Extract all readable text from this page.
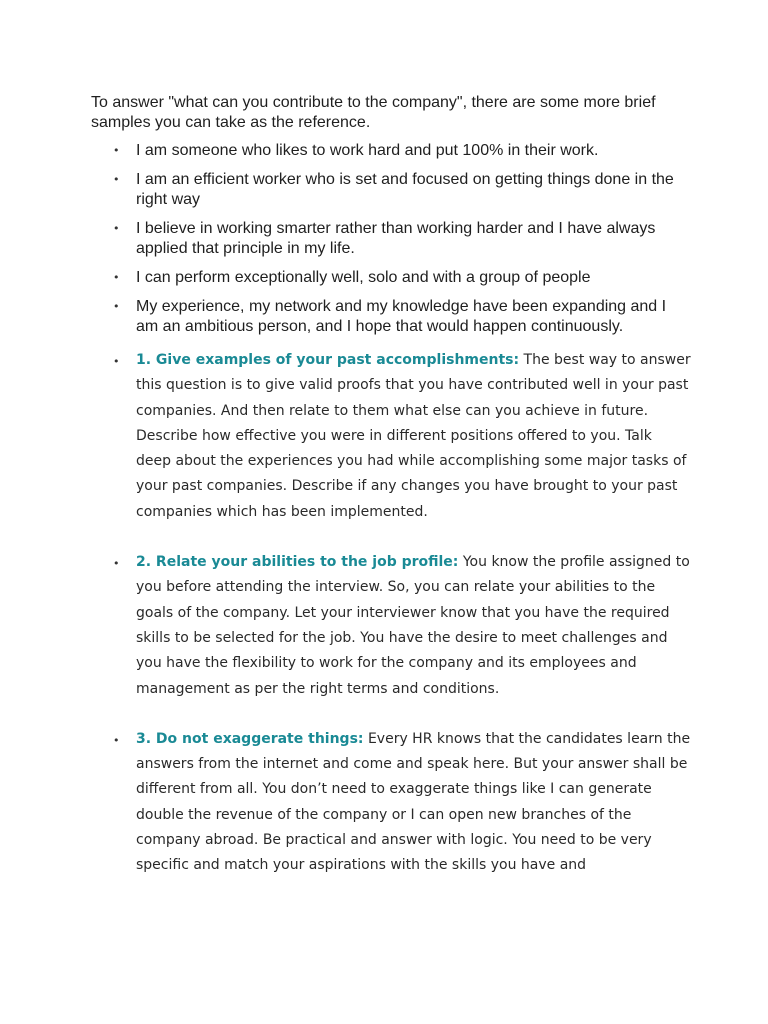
To answer "what can you contribute to the company", there are some more brief samples you can take as the reference.

• I am someone who likes to work hard and put 100% in their work.
• I am an efficient worker who is set and focused on getting things done in the right way
• I believe in working smarter rather than working harder and I have always applied that principle in my life.
• I can perform exceptionally well, solo and with a group of people
• My experience, my network and my knowledge have been expanding and I am an ambitious person, and I hope that would happen continuously.
• 1. Give examples of your past accomplishments: The best way to answer this question is to give valid proofs that you have contributed well in your past companies. And then relate to them what else can you achieve in future. Describe how effective you were in different positions offered to you. Talk deep about the experiences you had while accomplishing some major tasks of your past companies. Describe if any changes you have brought to your past companies which has been implemented.
• 2. Relate your abilities to the job profile: You know the profile assigned to you before attending the interview. So, you can relate your abilities to the goals of the company. Let your interviewer know that you have the required skills to be selected for the job. You have the desire to meet challenges and you have the flexibility to work for the company and its employees and management as per the right terms and conditions.
• 3. Do not exaggerate things: Every HR knows that the candidates learn the answers from the internet and come and speak here. But your answer shall be different from all. You don’t need to exaggerate things like I can generate double the revenue of the company or I can open new branches of the company abroad. Be practical and answer with logic. You need to be very specific and match your aspirations with the skills you have and
